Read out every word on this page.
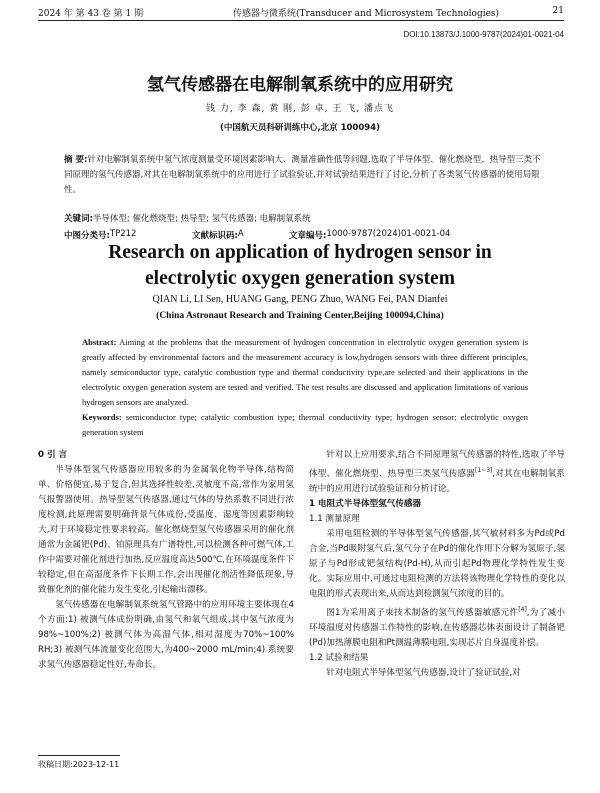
2024 年 第 43 卷 第 1 期	传感器与微系统(Transducer and Microsystem Technologies)	21
DOI:10.13873/J.1000-9787(2024)01-0021-04
氢气传感器在电解制氧系统中的应用研究
钱 力, 李 森, 黄 刚, 彭 卓, 王 飞, 潘点飞
(中国航天员科研训练中心,北京 100094)
摘 要:针对电解制氧系统中氢气浓度测量受环境因素影响大、测量准确性低等问题,选取了半导体型、催化燃烧型、热导型三类不同原理的氢气传感器,对其在电解制氧系统中的应用进行了试验验证,并对试验结果进行了讨论,分析了各类氢气传感器的使用局限性。
关键词:半导体型; 催化燃烧型; 热导型; 氢气传感器; 电解制氧系统
中图分类号: TP212	文献标识码: A	文章编号: 1000-9787(2024)01-0021-04
Research on application of hydrogen sensor in
electrolytic oxygen generation system
QIAN Li, LI Sen, HUANG Gang, PENG Zhuo, WANG Fei, PAN Dianfei
(China Astronaut Research and Training Center,Beijing 100094,China)
Abstract: Aiming at the problems that the measurement of hydrogen concentration in electrolytic oxygen generation system is greatly affected by environmental factors and the measurement accuracy is low,hydrogen sensors with three different principles, namely semiconductor type, catalytic combustion type and thermal conductivity type,are selected and their applications in the electrolytic oxygen generation system are tested and verified. The test results are discussed and application limitations of various hydrogen sensors are analyzed.
Keywords: semiconductor type; catalytic combustion type; thermal conductivity type; hydrogen sensor; electrolytic oxygen generation system

0 引 言

半导体型氢气传感器应用较多的为金属氧化物半导体,结构简单、价格便宜,易于复合,但其选择性较差,灵敏度不高,常作为家用氢气报警器使用。热导型氢气传感器,通过气体的导热系数不同进行浓度检测,此原理需要明确背景气体成份,受温度、湿度等因素影响较大,对于环境稳定性要求较高。催化燃烧型氢气传感器采用的催化剂通常为金属钯(Pd)、铂原理具有广谱特性,可以检测各种可燃气体,工作中需要对催化剂进行加热,反应温度高达500℃,在环境温度条件下较稳定,但在高湿度条件下长期工作,会出现催化剂活性降低现象,导致催化剂的催化能力发生变化,引起输出漂移。

氢气传感器在电解制氧系统氢气管路中的应用环境主要体现在4个方面:1) 被测气体成份明确,由氢气和氧气组成,其中氢气浓度为98%~100%;2) 被测气体为高湿气体,相对湿度为70%~100% RH;3) 被测气体流量变化范围大,为400~2000 mL/min;4) 系统要求氢气传感器稳定性好,寿命长。

针对以上应用要求,结合不同原理氢气传感器的特性,选取了半导体型、催化燃烧型、热导型三类氢气传感器[1~3],对其在电解制氧系统中的应用进行试验验证和分析讨论。

1 电阻式半导体型氢气传感器

1.1 测量原理

采用电阻检测的半导体型氢气传感器,其气敏材料多为Pd或Pd合金,当Pd吸附氢气后,氢气分子在Pd的催化作用下分解为氢原子,氢原子与Pd形成钯氢结构(Pd-H),从而引起Pd物理化学特性发生变化。实际应用中,可通过电阻检测的方法将该物理化学特性的变化以电阻的形式表现出来,从而达到检测氢气浓度的目的。

图1为采用离子束技术制备的氢气传感器敏感元件[4],为了减小环境温度对传感器工作特性的影响,在传感器芯体表面设计了制备钯(Pd)加热薄膜电阻和Pt测温薄膜电阻,实现芯片自身温度补偿。

1.2 试验和结果

针对电阻式半导体型氢气传感器,设计了验证试验,对

收稿日期:2023-12-11
